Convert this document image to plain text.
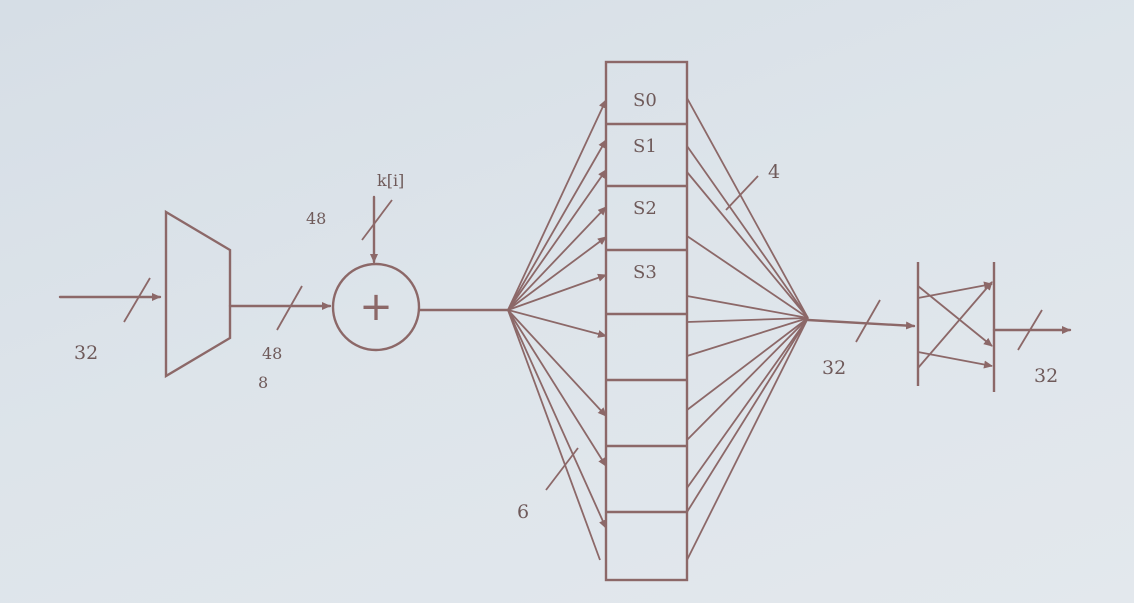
32	48
8
+
48
k[i]
6
S0
S1
S2
S3
4
32	32
